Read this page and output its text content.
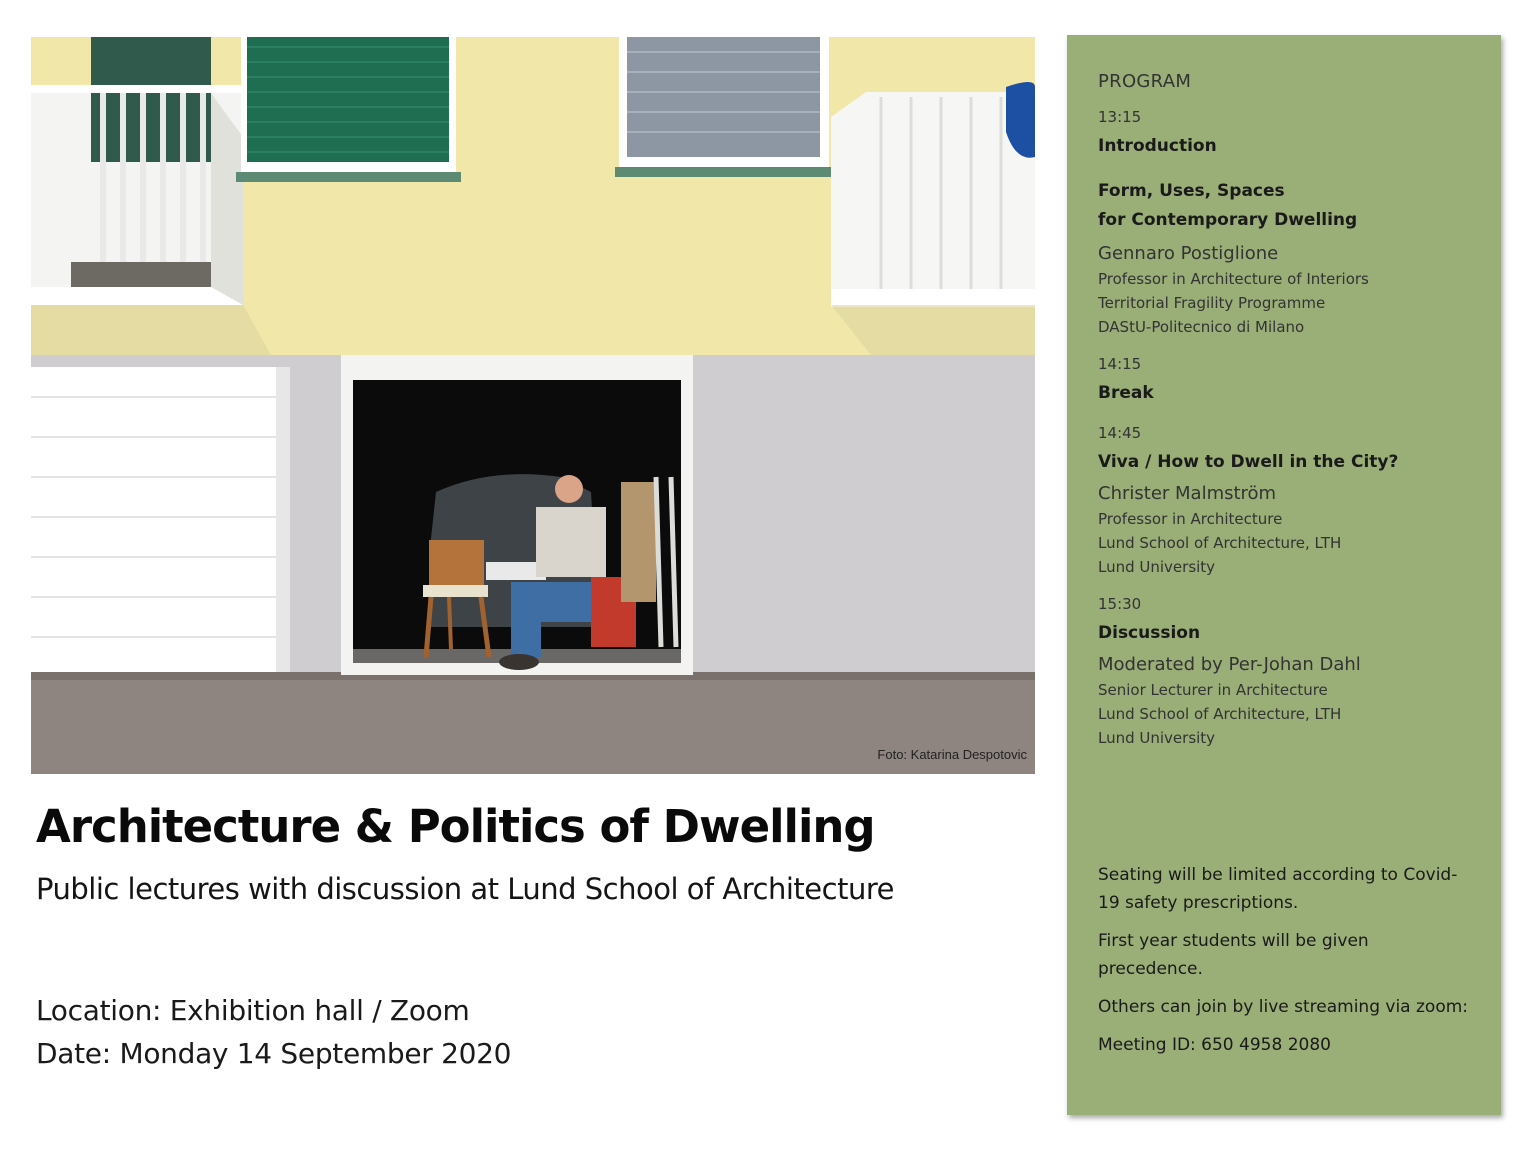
Foto: Katarina Despotovic
Architecture & Politics of Dwelling
Public lectures with discussion at Lund School of Architecture
Location: Exhibition hall / Zoom
Date: Monday 14 September 2020
PROGRAM
13:15
Introduction
Form, Uses, Spaces
for Contemporary Dwelling
Gennaro Postiglione
Professor in Architecture of Interiors
Territorial Fragility Programme
DAStU-Politecnico di Milano
14:15
Break
14:45
Viva / How to Dwell in the City?
Christer Malmström
Professor in Architecture
Lund School of Architecture, LTH
Lund University
15:30
Discussion
Moderated by Per-Johan Dahl
Senior Lecturer in Architecture
Lund School of Architecture, LTH
Lund University

Seating will be limited according to Covid-19 safety prescriptions.

First year students will be given precedence.

Others can join by live streaming via zoom:

Meeting ID: 650 4958 2080
